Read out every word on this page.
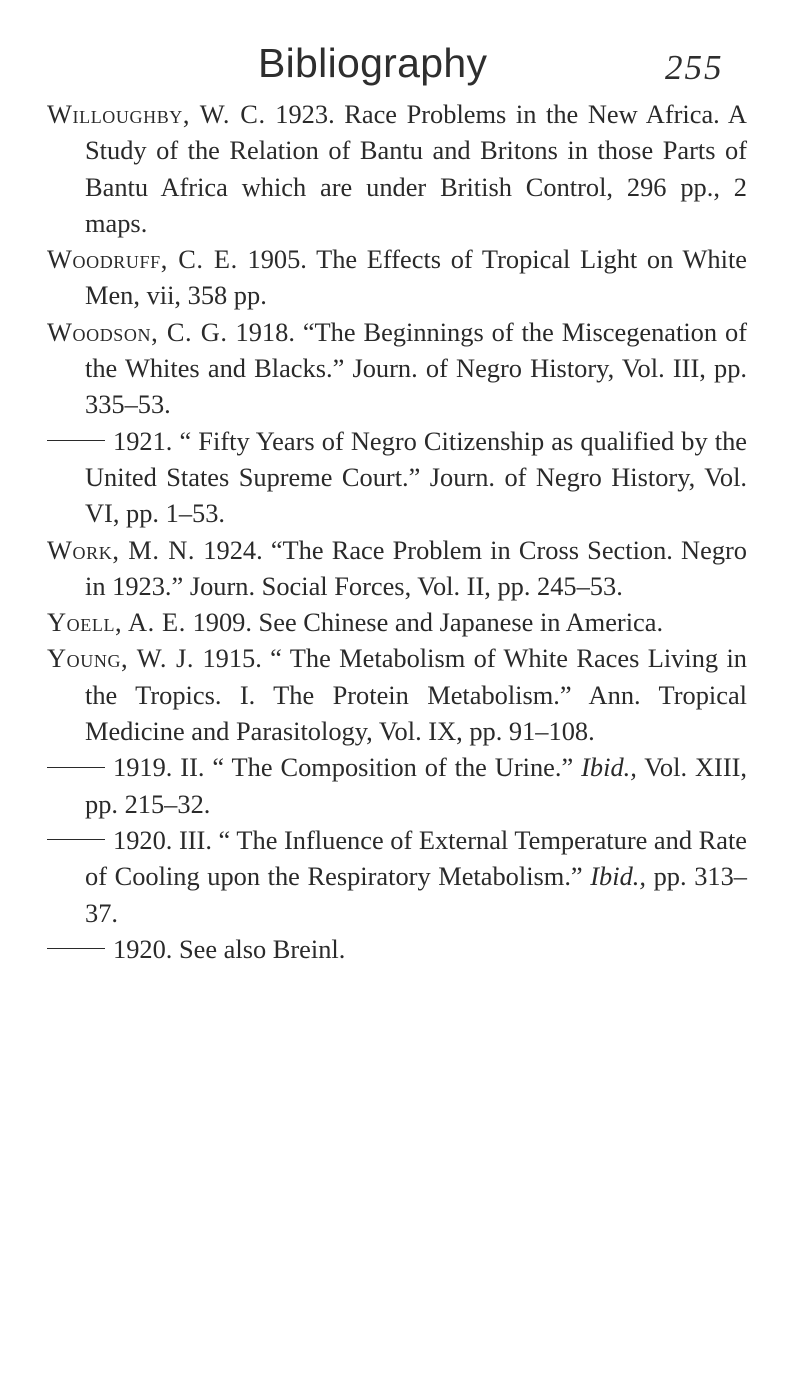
Bibliography	255

Willoughby, W. C. 1923. Race Problems in the New Africa. A Study of the Relation of Bantu and Britons in those Parts of Bantu Africa which are under British Control, 296 pp., 2 maps.

Woodruff, C. E. 1905. The Effects of Tropical Light on White Men, vii, 358 pp.

Woodson, C. G. 1918. “The Beginnings of the Miscegenation of the Whites and Blacks.” Journ. of Negro History, Vol. III, pp. 335–53.

1921. “ Fifty Years of Negro Citizenship as qualified by the United States Supreme Court.” Journ. of Negro History, Vol. VI, pp. 1–53.

Work, M. N. 1924. “The Race Problem in Cross Section. Negro in 1923.” Journ. Social Forces, Vol. II, pp. 245–53.

Yoell, A. E. 1909. See Chinese and Japanese in America.

Young, W. J. 1915. “ The Metabolism of White Races Living in the Tropics. I. The Protein Metabolism.” Ann. Tropical Medicine and Parasitology, Vol. IX, pp. 91–108.

1919. II. “ The Composition of the Urine.” Ibid., Vol. XIII, pp. 215–32.

1920. III. “ The Influence of External Temperature and Rate of Cooling upon the Respiratory Metabolism.” Ibid., pp. 313–37.

1920. See also Breinl.
